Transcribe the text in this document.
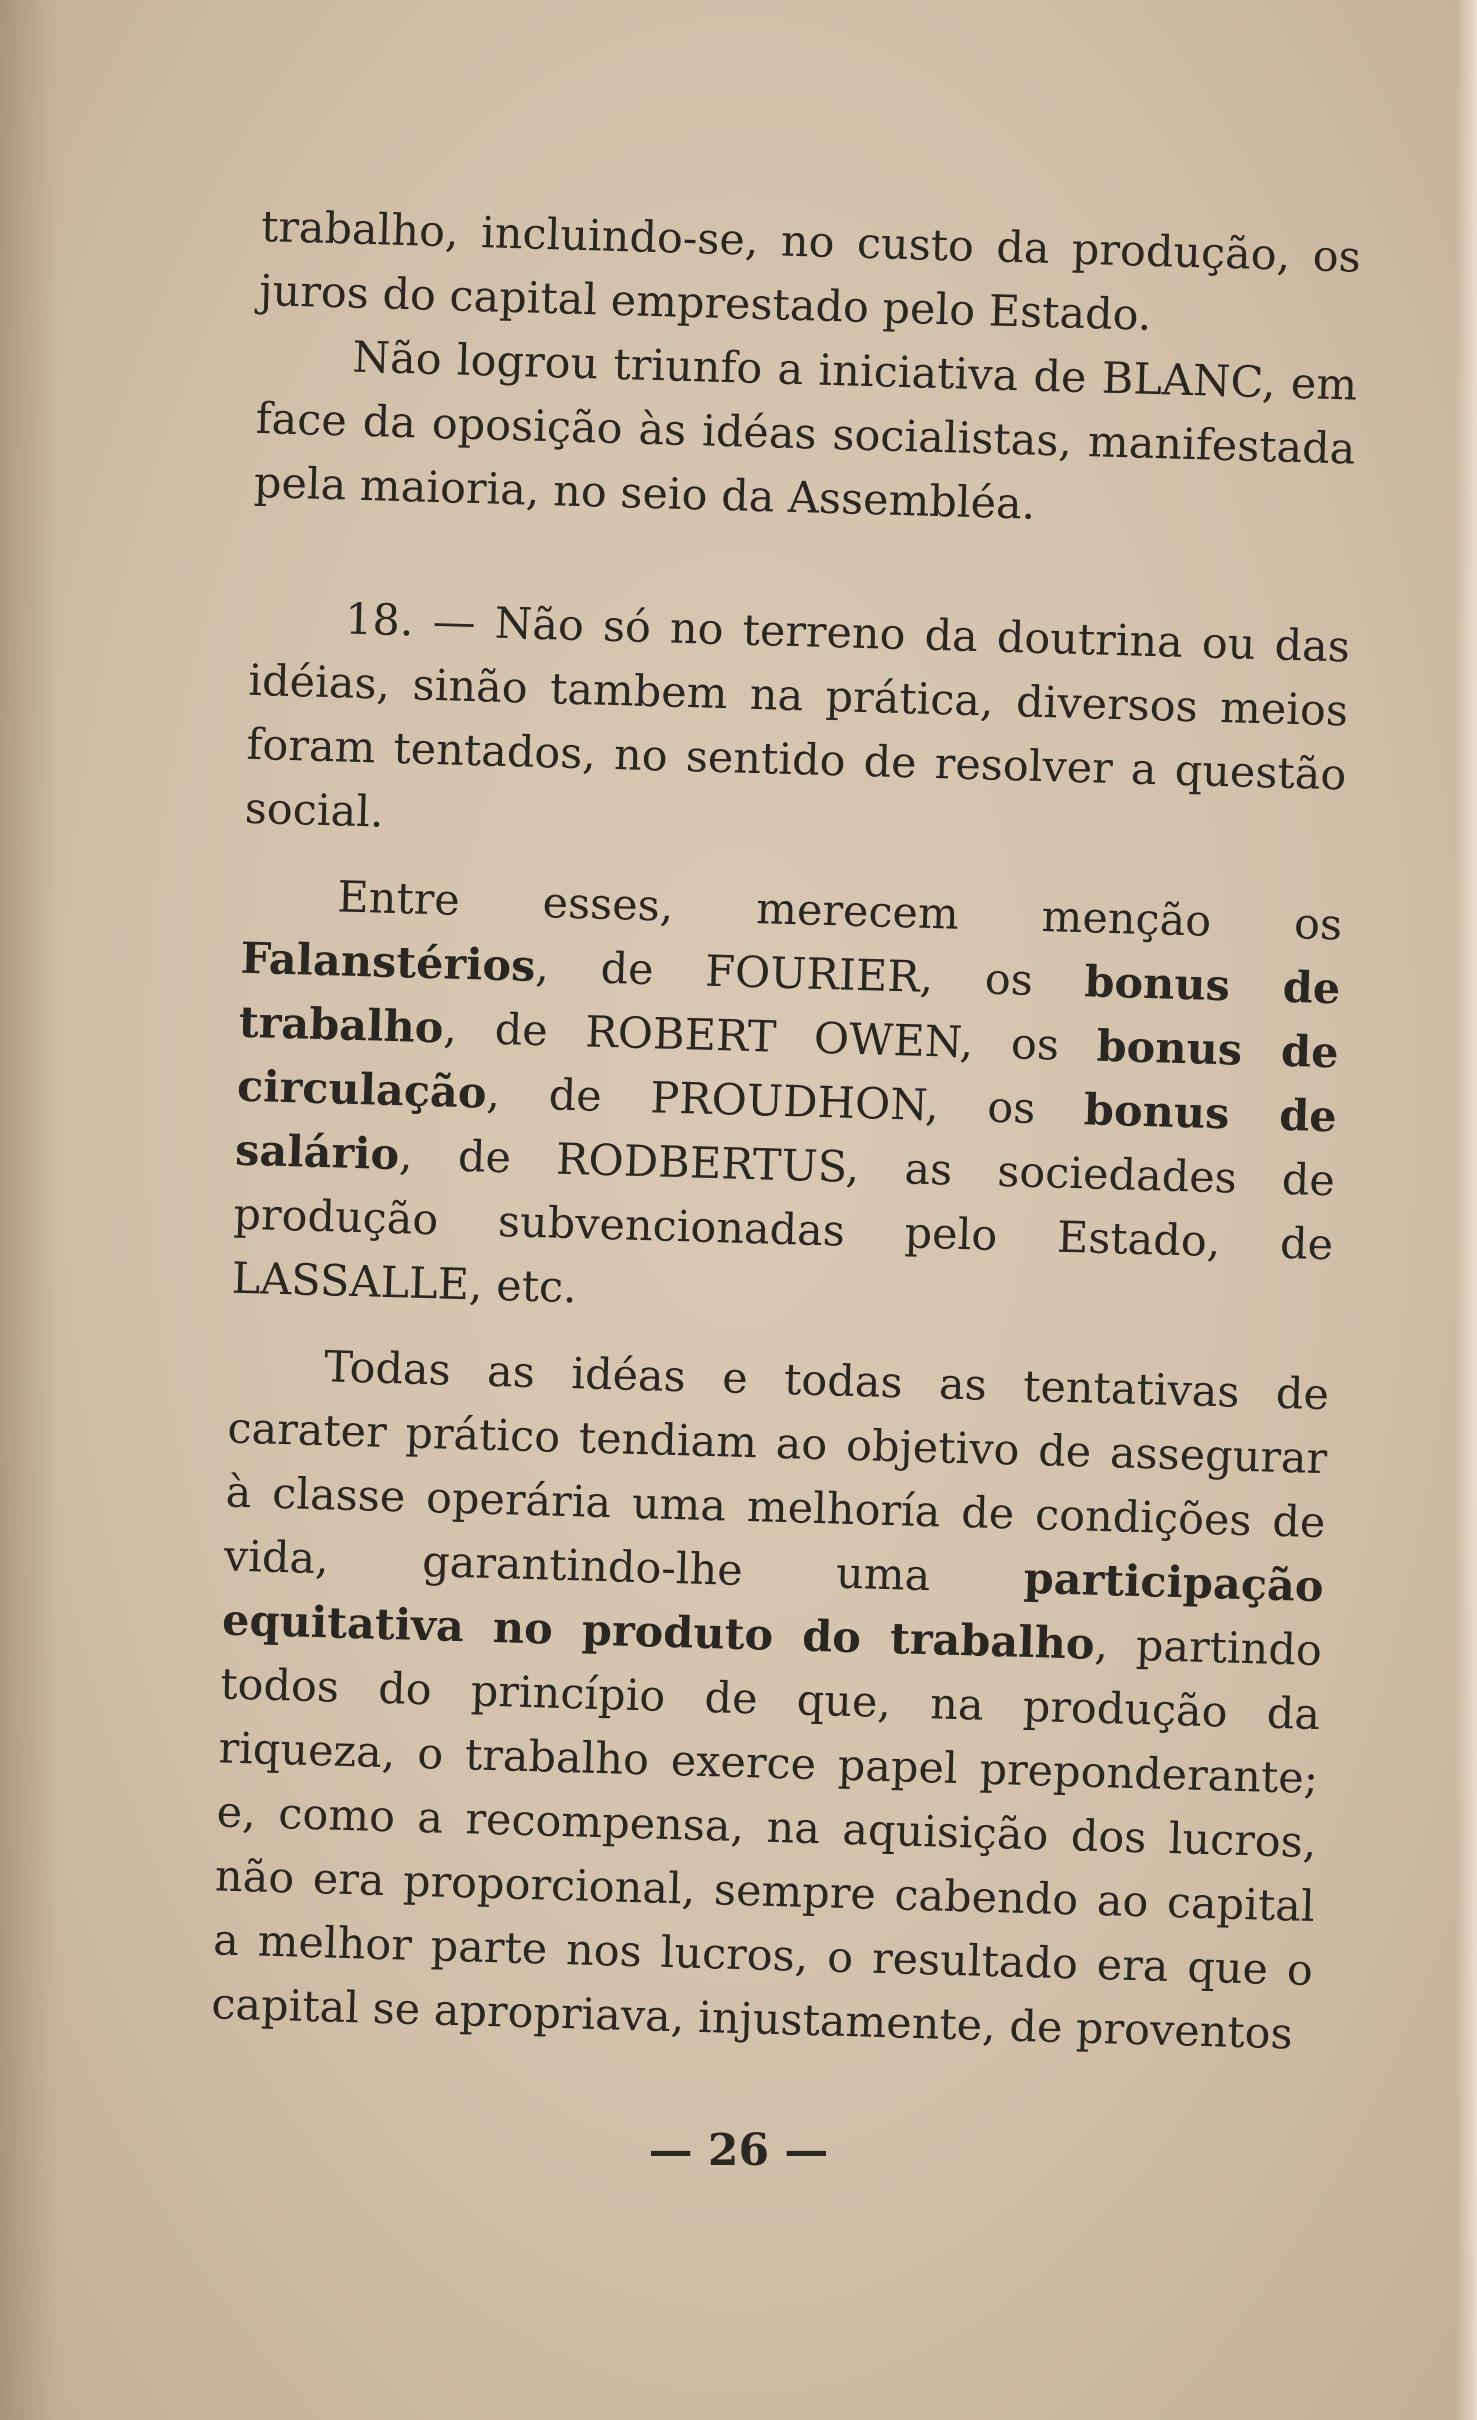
trabalho, incluindo-se, no custo da produção, os juros do capital emprestado pelo Estado.

Não logrou triunfo a iniciativa de BLANC, em face da oposição às idéas socialistas, manifestada pela maioria, no seio da Assembléa.

18. — Não só no terreno da doutrina ou das idéias, sinão tambem na prática, diversos meios foram tentados, no sentido de resolver a questão social.

Entre esses, merecem menção os Falanstérios, de FOURIER, os bonus de trabalho, de ROBERT OWEN, os bonus de circulação, de PROUDHON, os bonus de salário, de RODBERTUS, as sociedades de produção subvencionadas pelo Estado, de LASSALLE, etc.

Todas as idéas e todas as tentativas de carater prático tendiam ao objetivo de assegurar à classe operária uma melhoría de condições de vida, garantindo-lhe uma participação equitativa no produto do trabalho, partindo todos do princípio de que, na produção da riqueza, o trabalho exerce papel preponderante; e, como a recompensa, na aquisição dos lucros, não era proporcional, sempre cabendo ao capital a melhor parte nos lucros, o resultado era que o capital se apropriava, injustamente, de proventos

— 26 —
